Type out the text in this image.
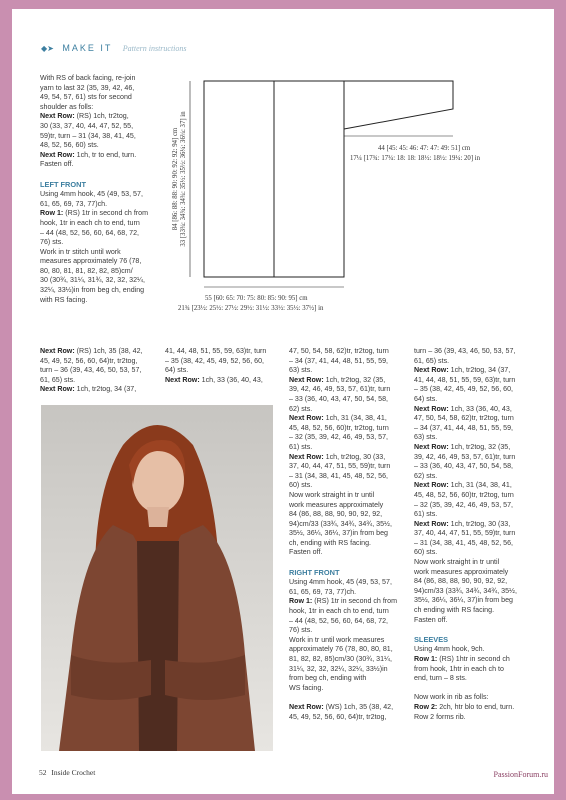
◆➤ MAKE IT Pattern instructions

With RS of back facing, re-join

yarn to last 32 (35, 39, 42, 46,

49, 54, 57, 61) sts for second

shoulder as folls:

Next Row: (RS) 1ch, tr2tog,

30 (33, 37, 40, 44, 47, 52, 55,

59)tr, turn – 31 (34, 38, 41, 45,

48, 52, 56, 60) sts.

Next Row: 1ch, tr to end, turn.

Fasten off.

LEFT FRONT

Using 4mm hook, 45 (49, 53, 57,

61, 65, 69, 73, 77)ch.

Row 1: (RS) 1tr in second ch from

hook, 1tr in each ch to end, turn

– 44 (48, 52, 56, 60, 64, 68, 72,

76) sts.

Work in tr stitch until work

measures approximately 76 (78,

80, 80, 81, 81, 82, 82, 85)cm/

30 (30¾, 31¼, 31¾, 32, 32, 32¼,

32¼, 33½)in from beg ch, ending

with RS facing.

Next Row: (RS) 1ch, 35 (38, 42,

45, 49, 52, 56, 60, 64)tr, tr2tog,

turn – 36 (39, 43, 46, 50, 53, 57,

61, 65) sts.

Next Row: 1ch, tr2tog, 34 (37,

41, 44, 48, 51, 55, 59, 63)tr, turn

– 35 (38, 42, 45, 49, 52, 56, 60,

64) sts.

Next Row: 1ch, 33 (36, 40, 43,

47, 50, 54, 58, 62)tr, tr2tog, turn

– 34 (37, 41, 44, 48, 51, 55, 59,

63) sts.

Next Row: 1ch, tr2tog, 32 (35,

39, 42, 46, 49, 53, 57, 61)tr, turn

– 33 (36, 40, 43, 47, 50, 54, 58,

62) sts.

Next Row: 1ch, 31 (34, 38, 41,

45, 48, 52, 56, 60)tr, tr2tog, turn

– 32 (35, 39, 42, 46, 49, 53, 57,

61) sts.

Next Row: 1ch, tr2tog, 30 (33,

37, 40, 44, 47, 51, 55, 59)tr, turn

– 31 (34, 38, 41, 45, 48, 52, 56,

60) sts.

Now work straight in tr until

work measures approximately

84 (86, 88, 88, 90, 90, 92, 92,

94)cm/33 (33¾, 34¾, 34¾, 35½,

35½, 36¼, 36¼, 37)in from beg

ch, ending with RS facing.

Fasten off.

RIGHT FRONT

Using 4mm hook, 45 (49, 53, 57,

61, 65, 69, 73, 77)ch.

Row 1: (RS) 1tr in second ch from

hook, 1tr in each ch to end, turn

– 44 (48, 52, 56, 60, 64, 68, 72,

76) sts.

Work in tr until work measures

approximately 76 (78, 80, 80, 81,

81, 82, 82, 85)cm/30 (30¾, 31¼,

31¼, 32, 32, 32¼, 32¼, 33½)in

from beg ch, ending with

WS facing.

Next Row: (WS) 1ch, 35 (38, 42,

45, 49, 52, 56, 60, 64)tr, tr2tog,

turn – 36 (39, 43, 46, 50, 53, 57,

61, 65) sts.

Next Row: 1ch, tr2tog, 34 (37,

41, 44, 48, 51, 55, 59, 63)tr, turn

– 35 (38, 42, 45, 49, 52, 56, 60,

64) sts.

Next Row: 1ch, 33 (36, 40, 43,

47, 50, 54, 58, 62)tr, tr2tog, turn

– 34 (37, 41, 44, 48, 51, 55, 59,

63) sts.

Next Row: 1ch, tr2tog, 32 (35,

39, 42, 46, 49, 53, 57, 61)tr, turn

– 33 (36, 40, 43, 47, 50, 54, 58,

62) sts.

Next Row: 1ch, 31 (34, 38, 41,

45, 48, 52, 56, 60)tr, tr2tog, turn

– 32 (35, 39, 42, 46, 49, 53, 57,

61) sts.

Next Row: 1ch, tr2tog, 30 (33,

37, 40, 44, 47, 51, 55, 59)tr, turn

– 31 (34, 38, 41, 45, 48, 52, 56,

60) sts.

Now work straight in tr until

work measures approximately

84 (86, 88, 88, 90, 90, 92, 92,

94)cm/33 (33¾, 34¾, 34¾, 35½,

35½, 36¼, 36¼, 37)in from beg

ch ending with RS facing.

Fasten off.

SLEEVES

Using 4mm hook, 9ch.

Row 1: (RS) 1htr in second ch

from hook, 1htr in each ch to

end, turn – 8 sts.

Now work in rib as folls:

Row 2: 2ch, htr blo to end, turn.

Row 2 forms rib.

84 [86: 88: 88: 90: 90: 92: 92: 94] cm 33 [33¾: 34¾: 34¾: 35½: 35½: 36¼: 36¼: 37] in
55 [60: 65: 70: 75: 80: 85: 90: 95] cm
21¾ [23½: 25½: 27½: 29½: 31½: 33½: 35½: 37½] in
44 [45: 45: 46: 47: 47: 49: 51] cm
17¼ [17¾: 17¾: 18: 18: 18½: 18½: 19¼: 20] in
52 Inside Crochet	PassionForum.ru
